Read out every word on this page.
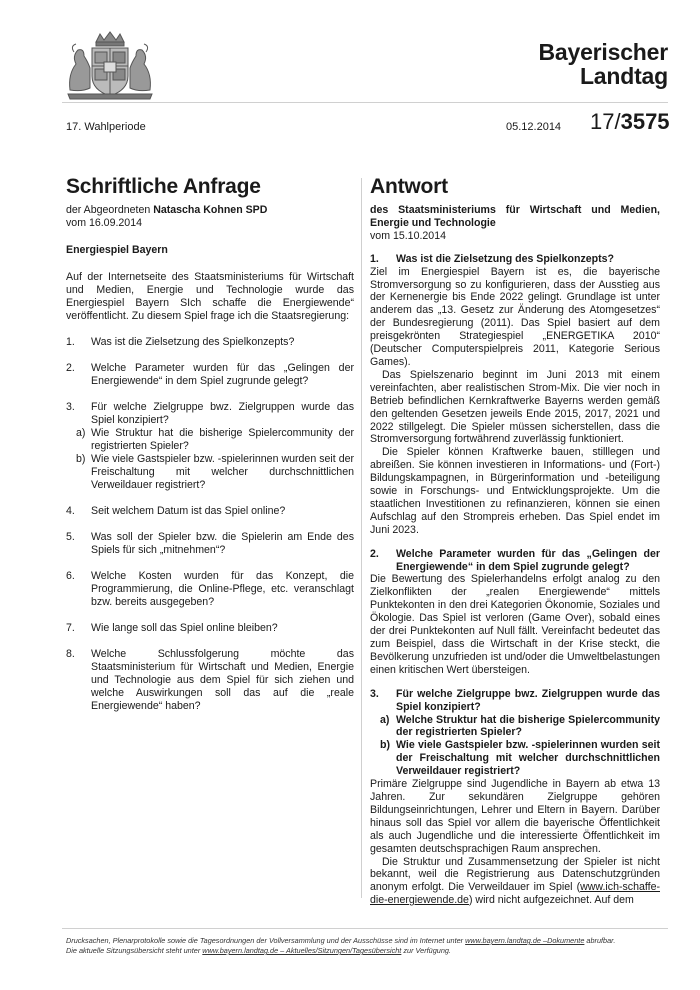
Bayerischer
Landtag
17. Wahlperiode	05.12.2014 17/3575
Schriftliche Anfrage
der Abgeordneten Natascha Kohnen SPD
vom 16.09.2014
Energiespiel Bayern

Auf der Internetseite des Staatsministeriums für Wirtschaft und Medien, Energie und Technologie wurde das Energiespiel Bayern SIch schaffe die Energiewende“ veröffentlicht. Zu diesem Spiel frage ich die Staatsregierung:

1. Was ist die Zielsetzung des Spielkonzepts?
2. Welche Parameter wurden für das „Gelingen der Energiewende“ in dem Spiel zugrunde gelegt?
3. Für welche Zielgruppe bwz. Zielgruppen wurde das Spiel konzipiert?
a) Wie Struktur hat die bisherige Spielercommunity der registrierten Spieler?
b) Wie viele Gastspieler bzw. -spielerinnen wurden seit der Freischaltung mit welcher durchschnittlichen Verweildauer registriert?
4. Seit welchem Datum ist das Spiel online?
5. Was soll der Spieler bzw. die Spielerin am Ende des Spiels für sich „mitnehmen“?
6. Welche Kosten wurden für das Konzept, die Programmierung, die Online-Pflege, etc. veranschlagt bzw. bereits ausgegeben?
7. Wie lange soll das Spiel online bleiben?
8. Welche Schlussfolgerung möchte das Staatsministerium für Wirtschaft und Medien, Energie und Technologie aus dem Spiel für sich ziehen und welche Auswirkungen soll das auf die „reale Energiewende“ haben?
Antwort

des Staatsministeriums für Wirtschaft und Medien, Energie und Technologie

vom 15.10.2014
1. Was ist die Zielsetzung des Spielkonzepts?

Ziel im Energiespiel Bayern ist es, die bayerische Stromversorgung so zu konfigurieren, dass der Ausstieg aus der Kernenergie bis Ende 2022 gelingt. Grundlage ist unter anderem das „13. Gesetz zur Änderung des Atomgesetzes“ der Bundesregierung (2011). Das Spiel basiert auf dem preisgekrönten Strategiespiel „ENERGETIKA 2010“ (Deutscher Computerspielpreis 2011, Kategorie Serious Games).

Das Spielszenario beginnt im Juni 2013 mit einem vereinfachten, aber realistischen Strom-Mix. Die vier noch in Betrieb befindlichen Kernkraftwerke Bayerns werden gemäß den geltenden Gesetzen jeweils Ende 2015, 2017, 2021 und 2022 stillgelegt. Die Spieler müssen sicherstellen, dass die Stromversorgung fortwährend zuverlässig funktioniert.

Die Spieler können Kraftwerke bauen, stilllegen und abreißen. Sie können investieren in Informations- und (Fort-) Bildungskampagnen, in Bürgerinformation und -beteiligung sowie in Forschungs- und Entwicklungsprojekte. Um die staatlichen Investitionen zu refinanzieren, können sie einen Aufschlag auf den Strompreis erheben. Das Spiel endet im Juni 2023.

2. Welche Parameter wurden für das „Gelingen der Energiewende“ in dem Spiel zugrunde gelegt?

Die Bewertung des Spielerhandelns erfolgt analog zu den Zielkonflikten der „realen Energiewende“ mittels Punktekonten in den drei Kategorien Ökonomie, Soziales und Ökologie. Das Spiel ist verloren (Game Over), sobald eines der drei Punktekonten auf Null fällt. Vereinfacht bedeutet das zum Beispiel, dass die Wirtschaft in der Krise steckt, die Bevölkerung unzufrieden ist und/oder die Umweltbelastungen einen kritischen Wert übersteigen.

3. Für welche Zielgruppe bwz. Zielgruppen wurde das Spiel konzipiert?
a) Welche Struktur hat die bisherige Spielercommunity der registrierten Spieler?
b) Wie viele Gastspieler bzw. -spielerinnen wurden seit der Freischaltung mit welcher durchschnittlichen Verweildauer registriert?

Primäre Zielgruppe sind Jugendliche in Bayern ab etwa 13 Jahren. Zur sekundären Zielgruppe gehören Bildungseinrichtungen, Lehrer und Eltern in Bayern. Darüber hinaus soll das Spiel vor allem die bayerische Öffentlichkeit als auch Jugendliche und die interessierte Öffentlichkeit im gesamten deutschsprachigen Raum ansprechen.

Die Struktur und Zusammensetzung der Spieler ist nicht bekannt, weil die Registrierung aus Datenschutzgründen anonym erfolgt. Die Verweildauer im Spiel (www.ich-schaffe-die-energiewende.de) wird nicht aufgezeichnet. Auf dem

Drucksachen, Plenarprotokolle sowie die Tagesordnungen der Vollversammlung und der Ausschüsse sind im Internet unter www.bayern.landtag.de –Dokumente abrufbar.
Die aktuelle Sitzungsübersicht steht unter www.bayern.landtag.de – Aktuelles/Sitzungen/Tagesübersicht zur Verfügung.
